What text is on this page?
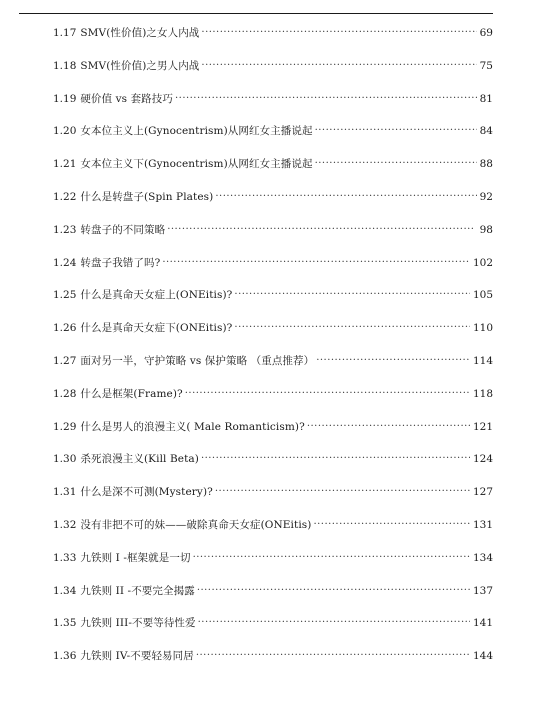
1.17 SMV(性价值)之女人内战 . . .	69
1.18 SMV(性价值)之男人内战 . . .	75
1.19 硬价值 vs 套路技巧 . . .	81
1.20 女本位主义上(Gynocentrism)从网红女主播说起 . . .	84
1.21 女本位主义下(Gynocentrism)从网红女主播说起 . . .	88
1.22 什么是转盘子(Spin Plates) . . .	92
1.23 转盘子的不同策略 . . .	98
1.24 转盘子我错了吗? . . .	102
1.25 什么是真命天女症上(ONEitis)? . . .	105
1.26 什么是真命天女症下(ONEitis)? . . .	110
1.27 面对另一半，守护策略 vs 保护策略 （重点推荐） . . .	114
1.28 什么是框架(Frame)? . . .	118
1.29 什么是男人的浪漫主义( Male Romanticism)? . . .	121
1.30 杀死浪漫主义(Kill Beta) . . .	124
1.31 什么是深不可测(Mystery)? . . .	127
1.32 没有非把不可的妹——破除真命天女症(ONEitis) . . .	131
1.33 九铁则 I -框架就是一切 . . .	134
1.34 九铁则 II -不要完全揭露 . . .	137
1.35 九铁则 III-不要等待性爱 . . .	141
1.36 九铁则 IV-不要轻易同居 . . .	144
